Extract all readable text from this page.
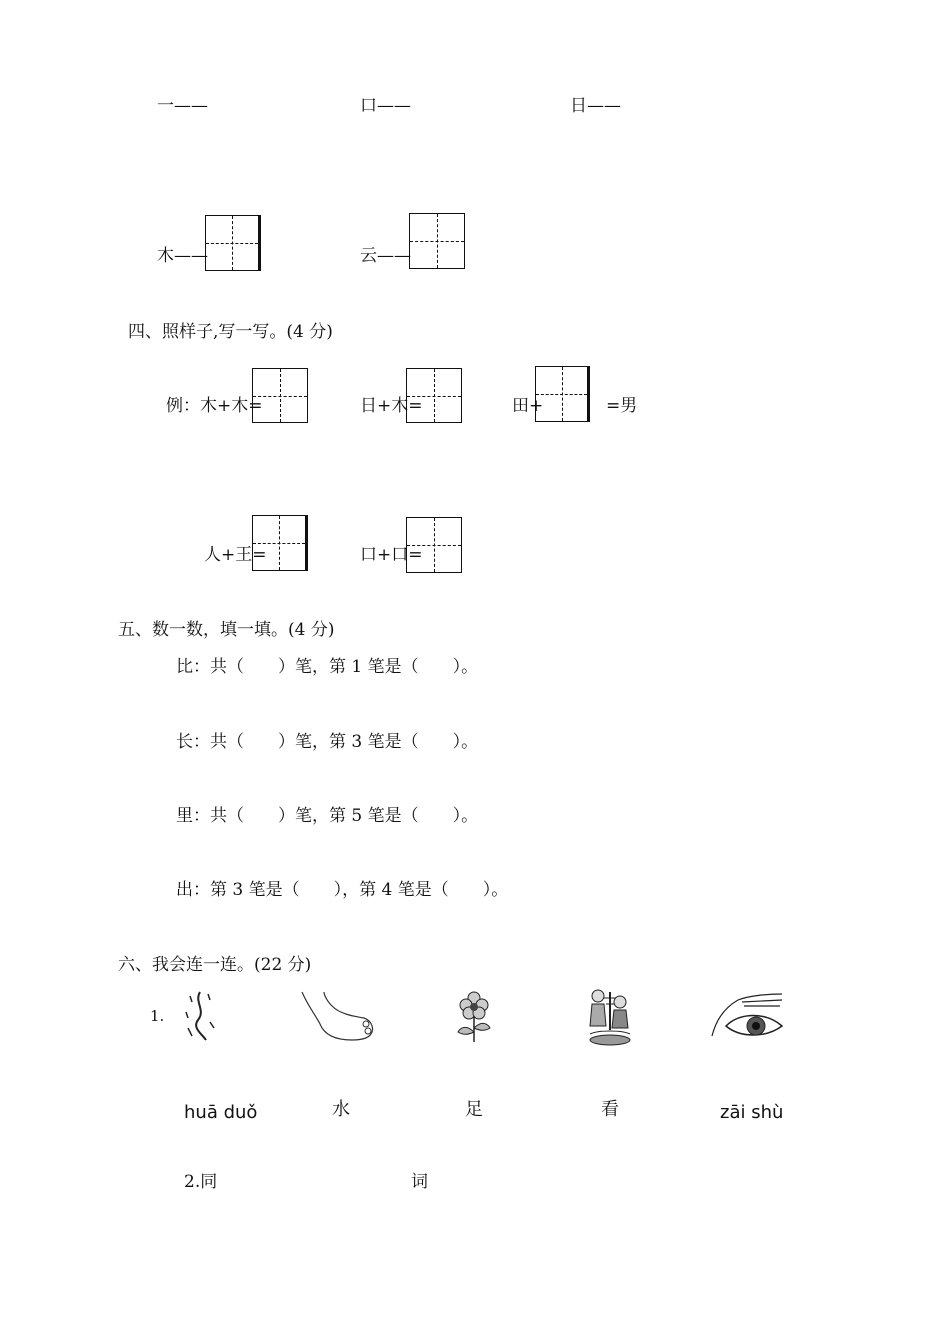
一——	口——	日——
木——	云——
四、照样子,写一写。(4 分)
例：木+木=	日+木=	田+	=男
人+王=	口+口=
五、数一数，填一填。(4 分)
比：共（　　）笔，第 1 笔是（　　）。
长：共（　　）笔，第 3 笔是（　　）。
里：共（　　）笔，第 5 笔是（　　）。
出：第 3 笔是（　　），第 4 笔是（　　）。
六、我会连一连。(22 分)
1.
huā duǒ	水	足	看	zāi shù
2.同	词
